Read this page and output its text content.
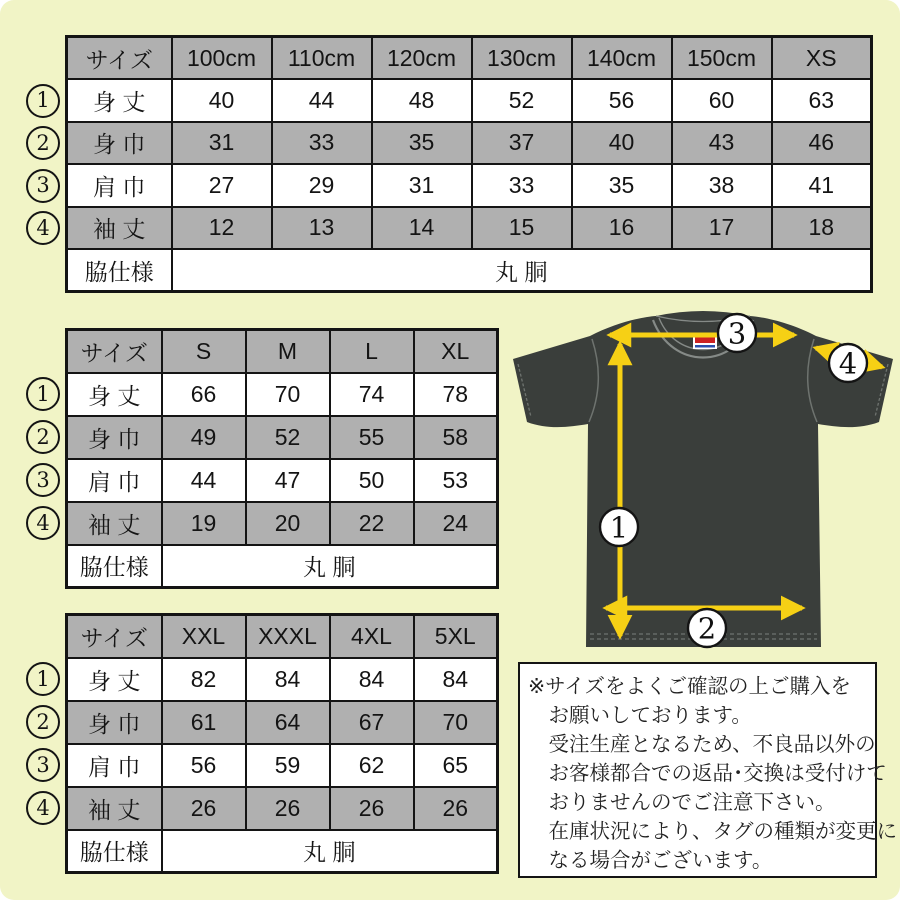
1
2
3
4
サイズ	100cm	110cm	120cm	130cm	140cm	150cm	XS
身 丈	40	44	48	52	56	60	63
身 巾	31	33	35	37	40	43	46
肩 巾	27	29	31	33	35	38	41
袖 丈	12	13	14	15	16	17	18
脇仕様	丸 胴						
1
2
3
4
サイズ	S	M	L	XL
身 丈	66	70	74	78
身 巾	49	52	55	58
肩 巾	44	47	50	53
袖 丈	19	20	22	24
脇仕様	丸 胴			
1
2
3
4
サイズ	XXL	XXXL	4XL	5XL
身 丈	82	84	84	84
身 巾	61	64	67	70
肩 巾	56	59	62	65
袖 丈	26	26	26	26
脇仕様	丸 胴			
3
4
1
2
※サイズをよくご確認の上ご購入を
　お願いしております。
　受注生産となるため、不良品以外の
　お客様都合での返品･交換は受付けて
　おりませんのでご注意下さい。
　在庫状況により、タグの種類が変更に
　なる場合がございます。
